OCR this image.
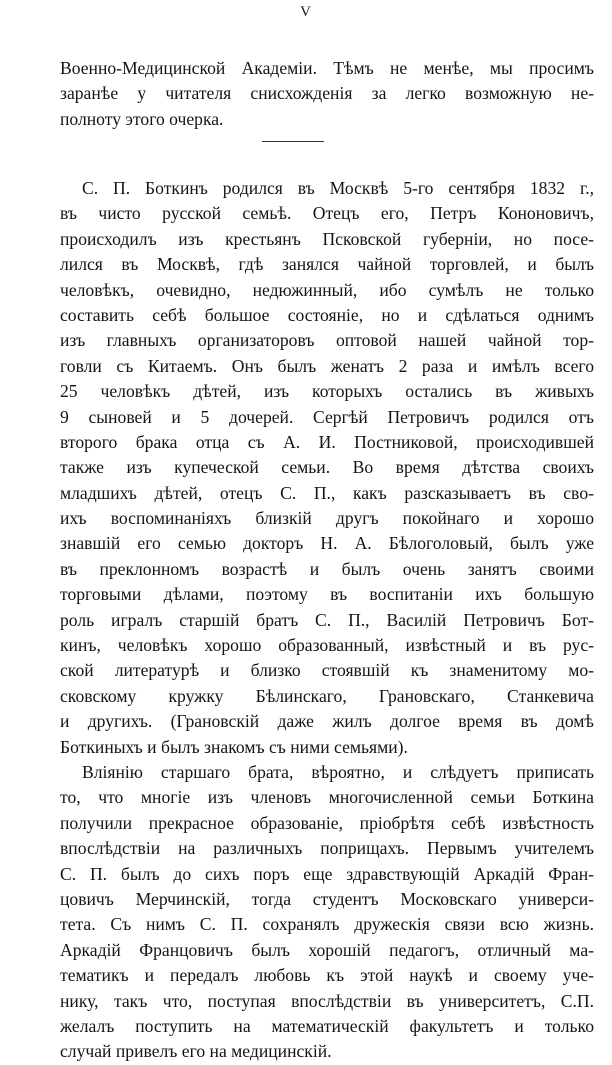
V
Военно-Медицинской Академіи. Тѣмъ не менѣе, мы просимъ
заранѣе у читателя снисхожденія за легко возможную не-
полноту этого очерка.
С. П. Боткинъ родился въ Москвѣ 5-го сентября 1832 г.,
въ чисто русской семьѣ. Отецъ его, Петръ Кононовичъ,
происходилъ изъ крестьянъ Псковской губерніи, но посе-
лился въ Москвѣ, гдѣ занялся чайной торговлей, и былъ
человѣкъ, очевидно, недюжинный, ибо сумѣлъ не только
составить себѣ большое состояніе, но и сдѣлаться однимъ
изъ главныхъ организаторовъ оптовой нашей чайной тор-
говли съ Китаемъ. Онъ былъ женатъ 2 раза и имѣлъ всего
25 человѣкъ дѣтей, изъ которыхъ остались въ живыхъ
9 сыновей и 5 дочерей. Сергѣй Петровичъ родился отъ
второго брака отца съ А. И. Постниковой, происходившей
также изъ купеческой семьи. Во время дѣтства своихъ
младшихъ дѣтей, отецъ С. П., какъ разсказываетъ въ свo-
ихъ воспоминаніяхъ близкій другъ покойнаго и хорошо
знавшій его семью докторъ Н. А. Бѣлоголовый, былъ уже
въ преклонномъ возрастѣ и былъ очень занятъ своими
торговыми дѣлами, поэтому въ воспитаніи ихъ большую
роль игралъ старшій братъ С. П., Василій Петровичъ Бот-
кинъ, человѣкъ хорошо образованный, извѣстный и въ рус-
ской литературѣ и близко стоявшій къ знаменитому мо-
сковскому кружку Бѣлинскаго, Грановскаго, Станкевича
и другихъ. (Грановскій даже жилъ долгое время въ домѣ
Боткиныхъ и былъ знакомъ съ ними семьями).
Вліянію старшаго брата, вѣроятно, и слѣдуетъ приписать
то, что многіе изъ членовъ многочисленной семьи Боткина
получили прекрасное образованіе, пріобрѣтя себѣ извѣстность
впослѣдствіи на различныхъ поприщахъ. Первымъ учителемъ
С. П. былъ до сихъ поръ еще здравствующій Аркадій Фран-
цовичъ Мерчинскій, тогда студентъ Московскаго универси-
тета. Съ нимъ С. П. сохранялъ дружескія связи всю жизнь.
Аркадій Францовичъ былъ хорошій педагогъ, отличный ма-
тематикъ и передалъ любовь къ этой наукѣ и своему учe-
нику, такъ что, поступая впослѣдствіи въ университетъ, С.П.
желалъ поступить на математическій факультетъ и только
случай привелъ его на медицинскій.
